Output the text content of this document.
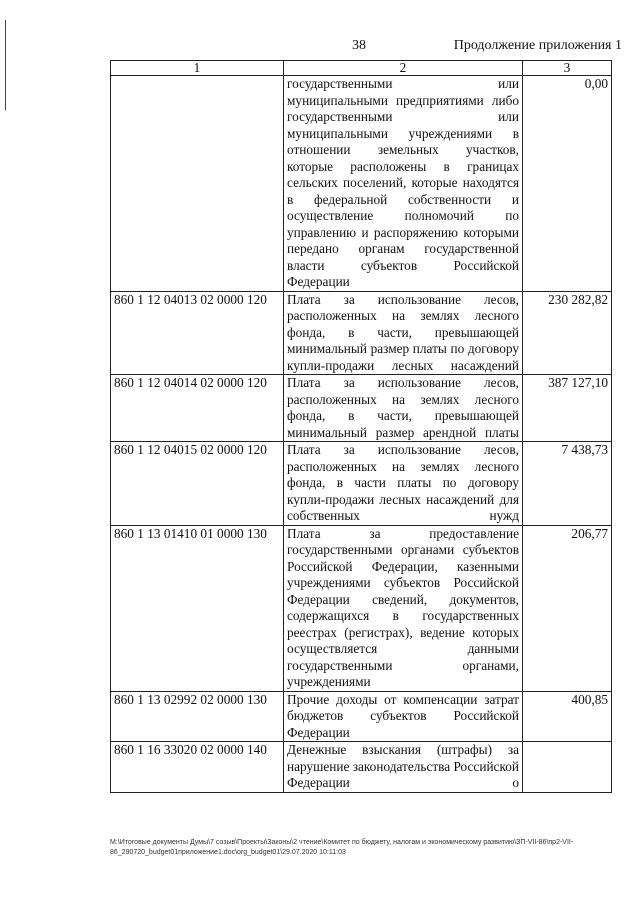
38	Продолжение приложения 1
1	2	3
	государственными или муниципальными предприятиями либо государственными или муниципальными учреждениями в отношении земельных участков, которые расположены в границах сельских поселений, которые находятся в федеральной собственности и осуществление полномочий по управлению и распоряжению которыми передано органам государственной власти субъектов Российской Федерации	0,00
860 1 12 04013 02 0000 120	Плата за использование лесов, расположенных на землях лесного фонда, в части, превышающей минимальный размер платы по договору купли-продажи лесных насаждений	230 282,82
860 1 12 04014 02 0000 120	Плата за использование лесов, расположенных на землях лесного фонда, в части, превышающей минимальный размер арендной платы	387 127,10
860 1 12 04015 02 0000 120	Плата за использование лесов, расположенных на землях лесного фонда, в части платы по договору купли-продажи лесных насаждений для собственных нужд	7 438,73
860 1 13 01410 01 0000 130	Плата за предоставление государственными органами субъектов Российской Федерации, казенными учреждениями субъектов Российской Федерации сведений, документов, содержащихся в государственных реестрах (регистрах), ведение которых осуществляется данными государственными органами, учреждениями	206,77
860 1 13 02992 02 0000 130	Прочие доходы от компенсации затрат бюджетов субъектов Российской Федерации	400,85
860 1 16 33020 02 0000 140	Денежные взыскания (штрафы) за нарушение законодательства Российской Федерации о	
М:\Итоговые документы Думы\7 созыв\Проекты\Законы\2 чтение\Комитет по бюджету, налогам и экономическому развитию\ЗП-VII-86\пр2-VII-
86_290720_budget01приложение1.doc\org_budget01\29.07.2020 10:11:03
